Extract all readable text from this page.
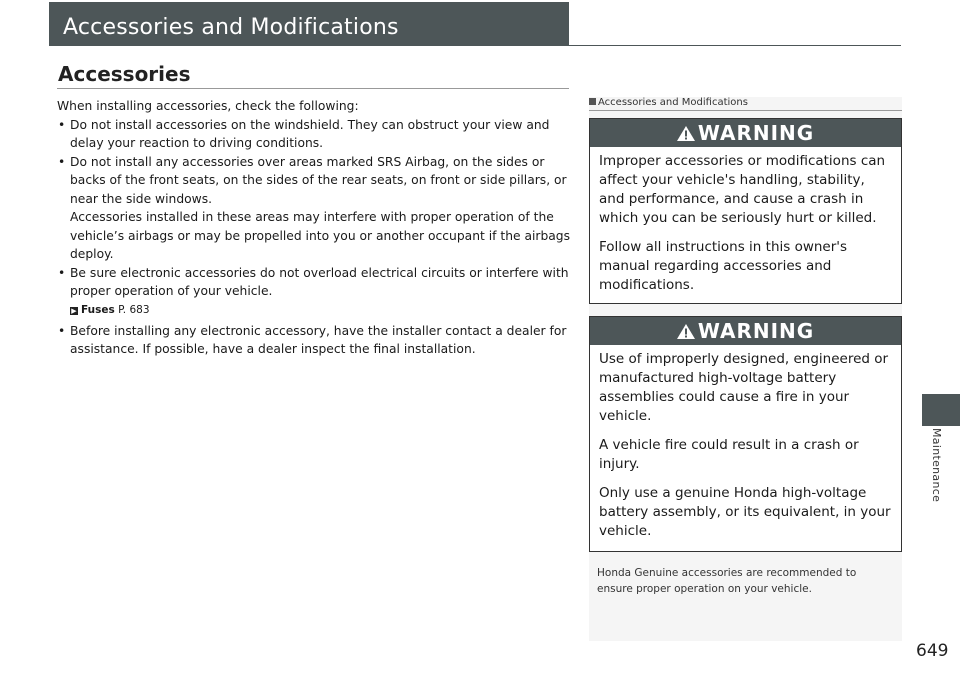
Accessories and Modifications
Accessories

When installing accessories, check the following:

• Do not install accessories on the windshield. They can obstruct your view and delay your reaction to driving conditions.

• Do not install any accessories over areas marked SRS Airbag, on the sides or backs of the front seats, on the sides of the rear seats, on front or side pillars, or near the side windows.
Accessories installed in these areas may interfere with proper operation of the vehicle’s airbags or may be propelled into you or another occupant if the airbags deploy.

• Be sure electronic accessories do not overload electrical circuits or interfere with proper operation of your vehicle.

▶ Fuses P. 683

• Before installing any electronic accessory, have the installer contact a dealer for assistance. If possible, have a dealer inspect the final installation.

Accessories and Modifications
WARNING

Improper accessories or modifications can affect your vehicle's handling, stability, and performance, and cause a crash in which you can be seriously hurt or killed.

Follow all instructions in this owner's manual regarding accessories and modifications.

WARNING

Use of improperly designed, engineered or manufactured high-voltage battery assemblies could cause a fire in your vehicle.

A vehicle fire could result in a crash or injury.

Only use a genuine Honda high-voltage battery assembly, or its equivalent, in your vehicle.

Honda Genuine accessories are recommended to ensure proper operation on your vehicle.
Maintenance
649
